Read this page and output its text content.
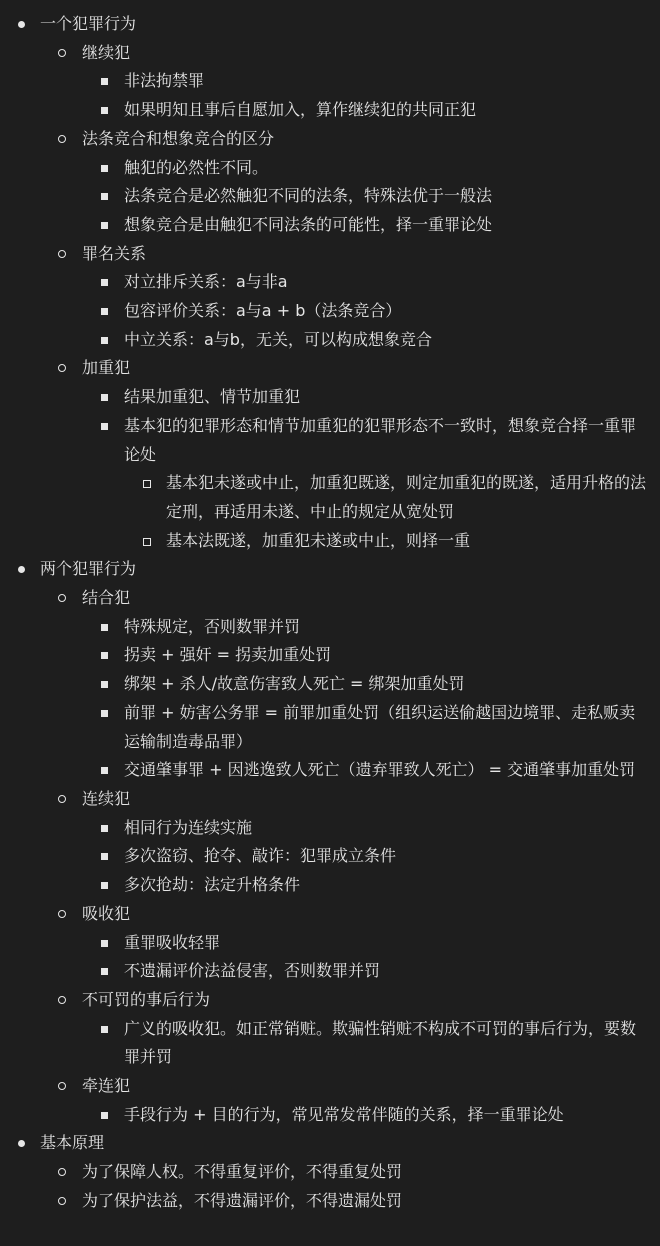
一个犯罪行为
继续犯
非法拘禁罪
如果明知且事后自愿加入，算作继续犯的共同正犯
法条竞合和想象竞合的区分
触犯的必然性不同。
法条竞合是必然触犯不同的法条，特殊法优于一般法
想象竞合是由触犯不同法条的可能性，择一重罪论处
罪名关系
对立排斥关系：a与非a
包容评价关系：a与a + b（法条竞合）
中立关系：a与b，无关，可以构成想象竞合
加重犯
结果加重犯、情节加重犯
基本犯的犯罪形态和情节加重犯的犯罪形态不一致时，想象竞合择一重罪论处
基本犯未遂或中止，加重犯既遂，则定加重犯的既遂，适用升格的法定刑，再适用未遂、中止的规定从宽处罚
基本法既遂，加重犯未遂或中止，则择一重
两个犯罪行为
结合犯
特殊规定，否则数罪并罚
拐卖 + 强奸 = 拐卖加重处罚
绑架 + 杀人/故意伤害致人死亡 = 绑架加重处罚
前罪 + 妨害公务罪 = 前罪加重处罚（组织运送偷越国边境罪、走私贩卖运输制造毒品罪）
交通肇事罪 + 因逃逸致人死亡（遗弃罪致人死亡） = 交通肇事加重处罚
连续犯
相同行为连续实施
多次盗窃、抢夺、敲诈：犯罪成立条件
多次抢劫：法定升格条件
吸收犯
重罪吸收轻罪
不遗漏评价法益侵害，否则数罪并罚
不可罚的事后行为
广义的吸收犯。如正常销赃。欺骗性销赃不构成不可罚的事后行为，要数罪并罚
牵连犯
手段行为 + 目的行为，常见常发常伴随的关系，择一重罪论处
基本原理
为了保障人权。不得重复评价，不得重复处罚
为了保护法益，不得遗漏评价，不得遗漏处罚
